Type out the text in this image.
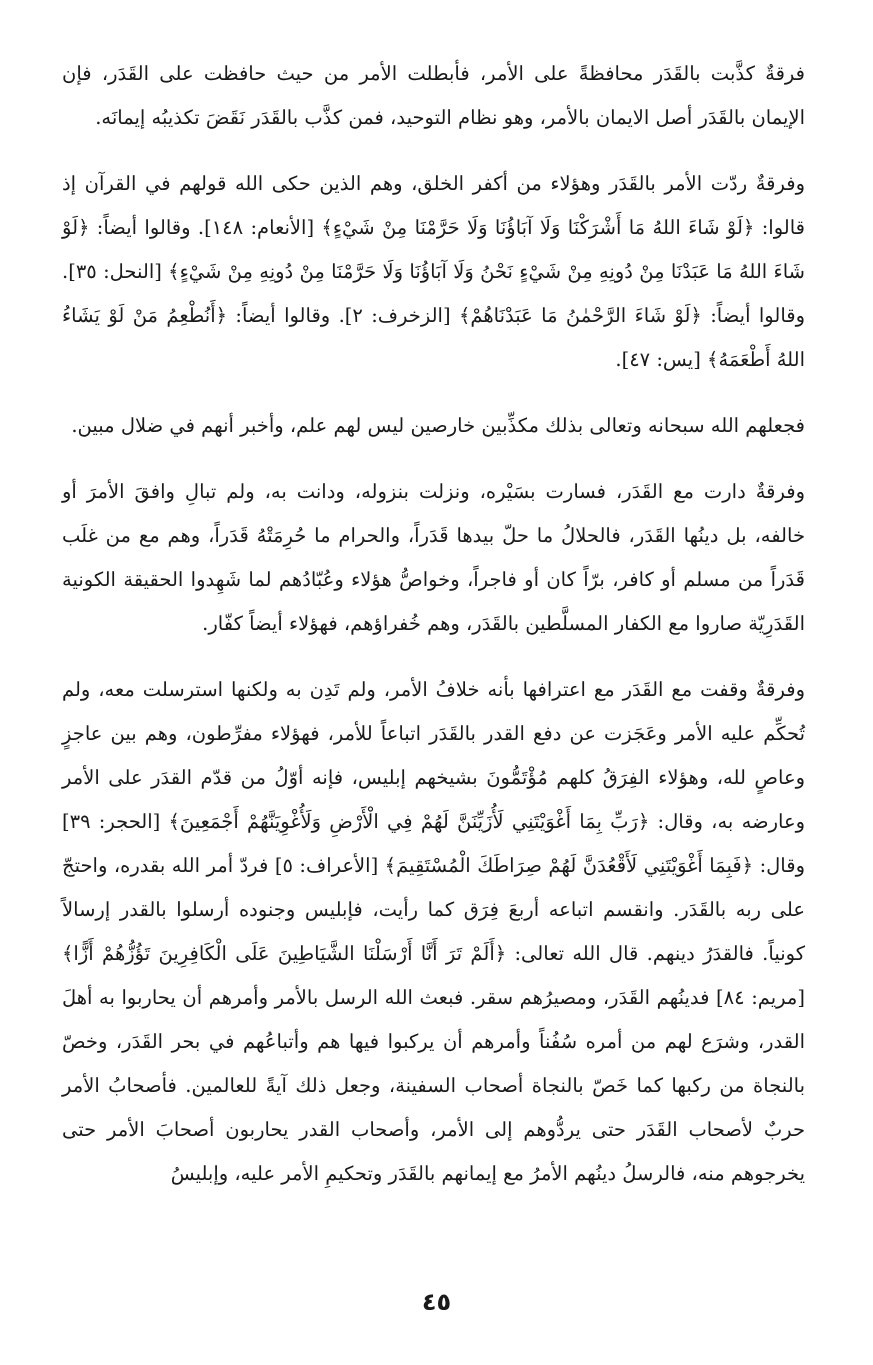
فرقةٌ كذَّبت بالقَدَر محافظةً على الأمر، فأبطلت الأمر من حيث حافظت على القَدَر، فإن الإيمان بالقَدَر أصل الايمان بالأمر، وهو نظام التوحيد، فمن كذَّب بالقَدَر نَقَضَ تكذيبُه إيمانَه.

وفرقةٌ ردّت الأمر بالقَدَر وهؤلاء من أكفر الخلق، وهم الذين حكى الله قولهم في القرآن إذ قالوا: ﴿لَوْ شَاءَ اللهُ مَا أَشْرَكْنَا وَلَا آبَاؤُنَا وَلَا حَرَّمْنَا مِنْ شَيْءٍ﴾ [الأنعام: ١٤٨]. وقالوا أيضاً: ﴿لَوْ شَاءَ اللهُ مَا عَبَدْنَا مِنْ دُونِهِ مِنْ شَيْءٍ نَحْنُ وَلَا آبَاؤُنَا وَلَا حَرَّمْنَا مِنْ دُونِهِ مِنْ شَيْءٍ﴾ [النحل: ٣٥]. وقالوا أيضاً: ﴿لَوْ شَاءَ الرَّحْمٰنُ مَا عَبَدْنَاهُمْ﴾ [الزخرف: ٢]. وقالوا أيضاً: ﴿أَنُطْعِمُ مَنْ لَوْ يَشَاءُ اللهُ أَطْعَمَهُ﴾ [يس: ٤٧].

فجعلهم الله سبحانه وتعالى بذلك مكذِّبين خارصين ليس لهم علم، وأخبر أنهم في ضلال مبين.

وفرقةٌ دارت مع القَدَر، فسارت بسَيْره، ونزلت بنزوله، ودانت به، ولم تبالِ وافقَ الأمرَ أو خالفه، بل دينُها القَدَر، فالحلالُ ما حلّ بيدها قَدَراً، والحرام ما حُرِمَتْهُ قَدَراً، وهم مع من غلَب قَدَراً من مسلم أو كافر، برّاً كان أو فاجراً، وخواصُّ هؤلاء وعُبّادُهم لما شَهِدوا الحقيقة الكونية القَدَرِيّة صاروا مع الكفار المسلَّطين بالقَدَر، وهم خُفراؤهم، فهؤلاء أيضاً كفّار.

وفرقةٌ وقفت مع القَدَر مع اعترافها بأنه خلافُ الأمر، ولم تَدِن به ولكنها استرسلت معه، ولم تُحكِّم عليه الأمر وعَجَزت عن دفع القدر بالقَدَر اتباعاً للأمر، فهؤلاء مفرِّطون، وهم بين عاجزٍ وعاصٍ لله، وهؤلاء الفِرَقُ كلهم مُؤْتَمُّونَ بشيخهم إبليس، فإنه أوّلُ من قدّم القدَر على الأمر وعارضه به، وقال: ﴿رَبِّ بِمَا أَغْوَيْتَنِي لَأُزَيِّنَنَّ لَهُمْ فِي الْأَرْضِ وَلَأُغْوِيَنَّهُمْ أَجْمَعِينَ﴾ [الحجر: ٣٩] وقال: ﴿فَبِمَا أَغْوَيْتَنِي لَأَقْعُدَنَّ لَهُمْ صِرَاطَكَ الْمُسْتَقِيمَ﴾ [الأعراف: ٥] فردّ أمر الله بقدره، واحتجّ على ربه بالقَدَر. وانقسم اتباعه أربعَ فِرَق كما رأيت، فإبليس وجنوده أرسلوا بالقدر إرسالاً كونياً. فالقدَرُ دينهم. قال الله تعالى: ﴿أَلَمْ تَرَ أَنَّا أَرْسَلْنَا الشَّيَاطِينَ عَلَى الْكَافِرِينَ تَؤُزُّهُمْ أَزًّا﴾ [مريم: ٨٤] فدينُهم القَدَر، ومصيرُهم سقر. فبعث الله الرسل بالأمر وأمرهم أن يحاربوا به أهلَ القدر، وشرَع لهم من أمره سُفُناً وأمرهم أن يركبوا فيها هم وأتباعُهم في بحر القَدَر، وخصّ بالنجاة من ركبها كما خَصّ بالنجاة أصحاب السفينة، وجعل ذلك آيةً للعالمين. فأصحابُ الأمر حربٌ لأصحاب القَدَر حتى يردُّوهم إلى الأمر، وأصحاب القدر يحاربون أصحابَ الأمر حتى يخرجوهم منه، فالرسلُ دينُهم الأمرُ مع إيمانهم بالقَدَر وتحكيمِ الأمر عليه، وإبليسُ

٤٥
